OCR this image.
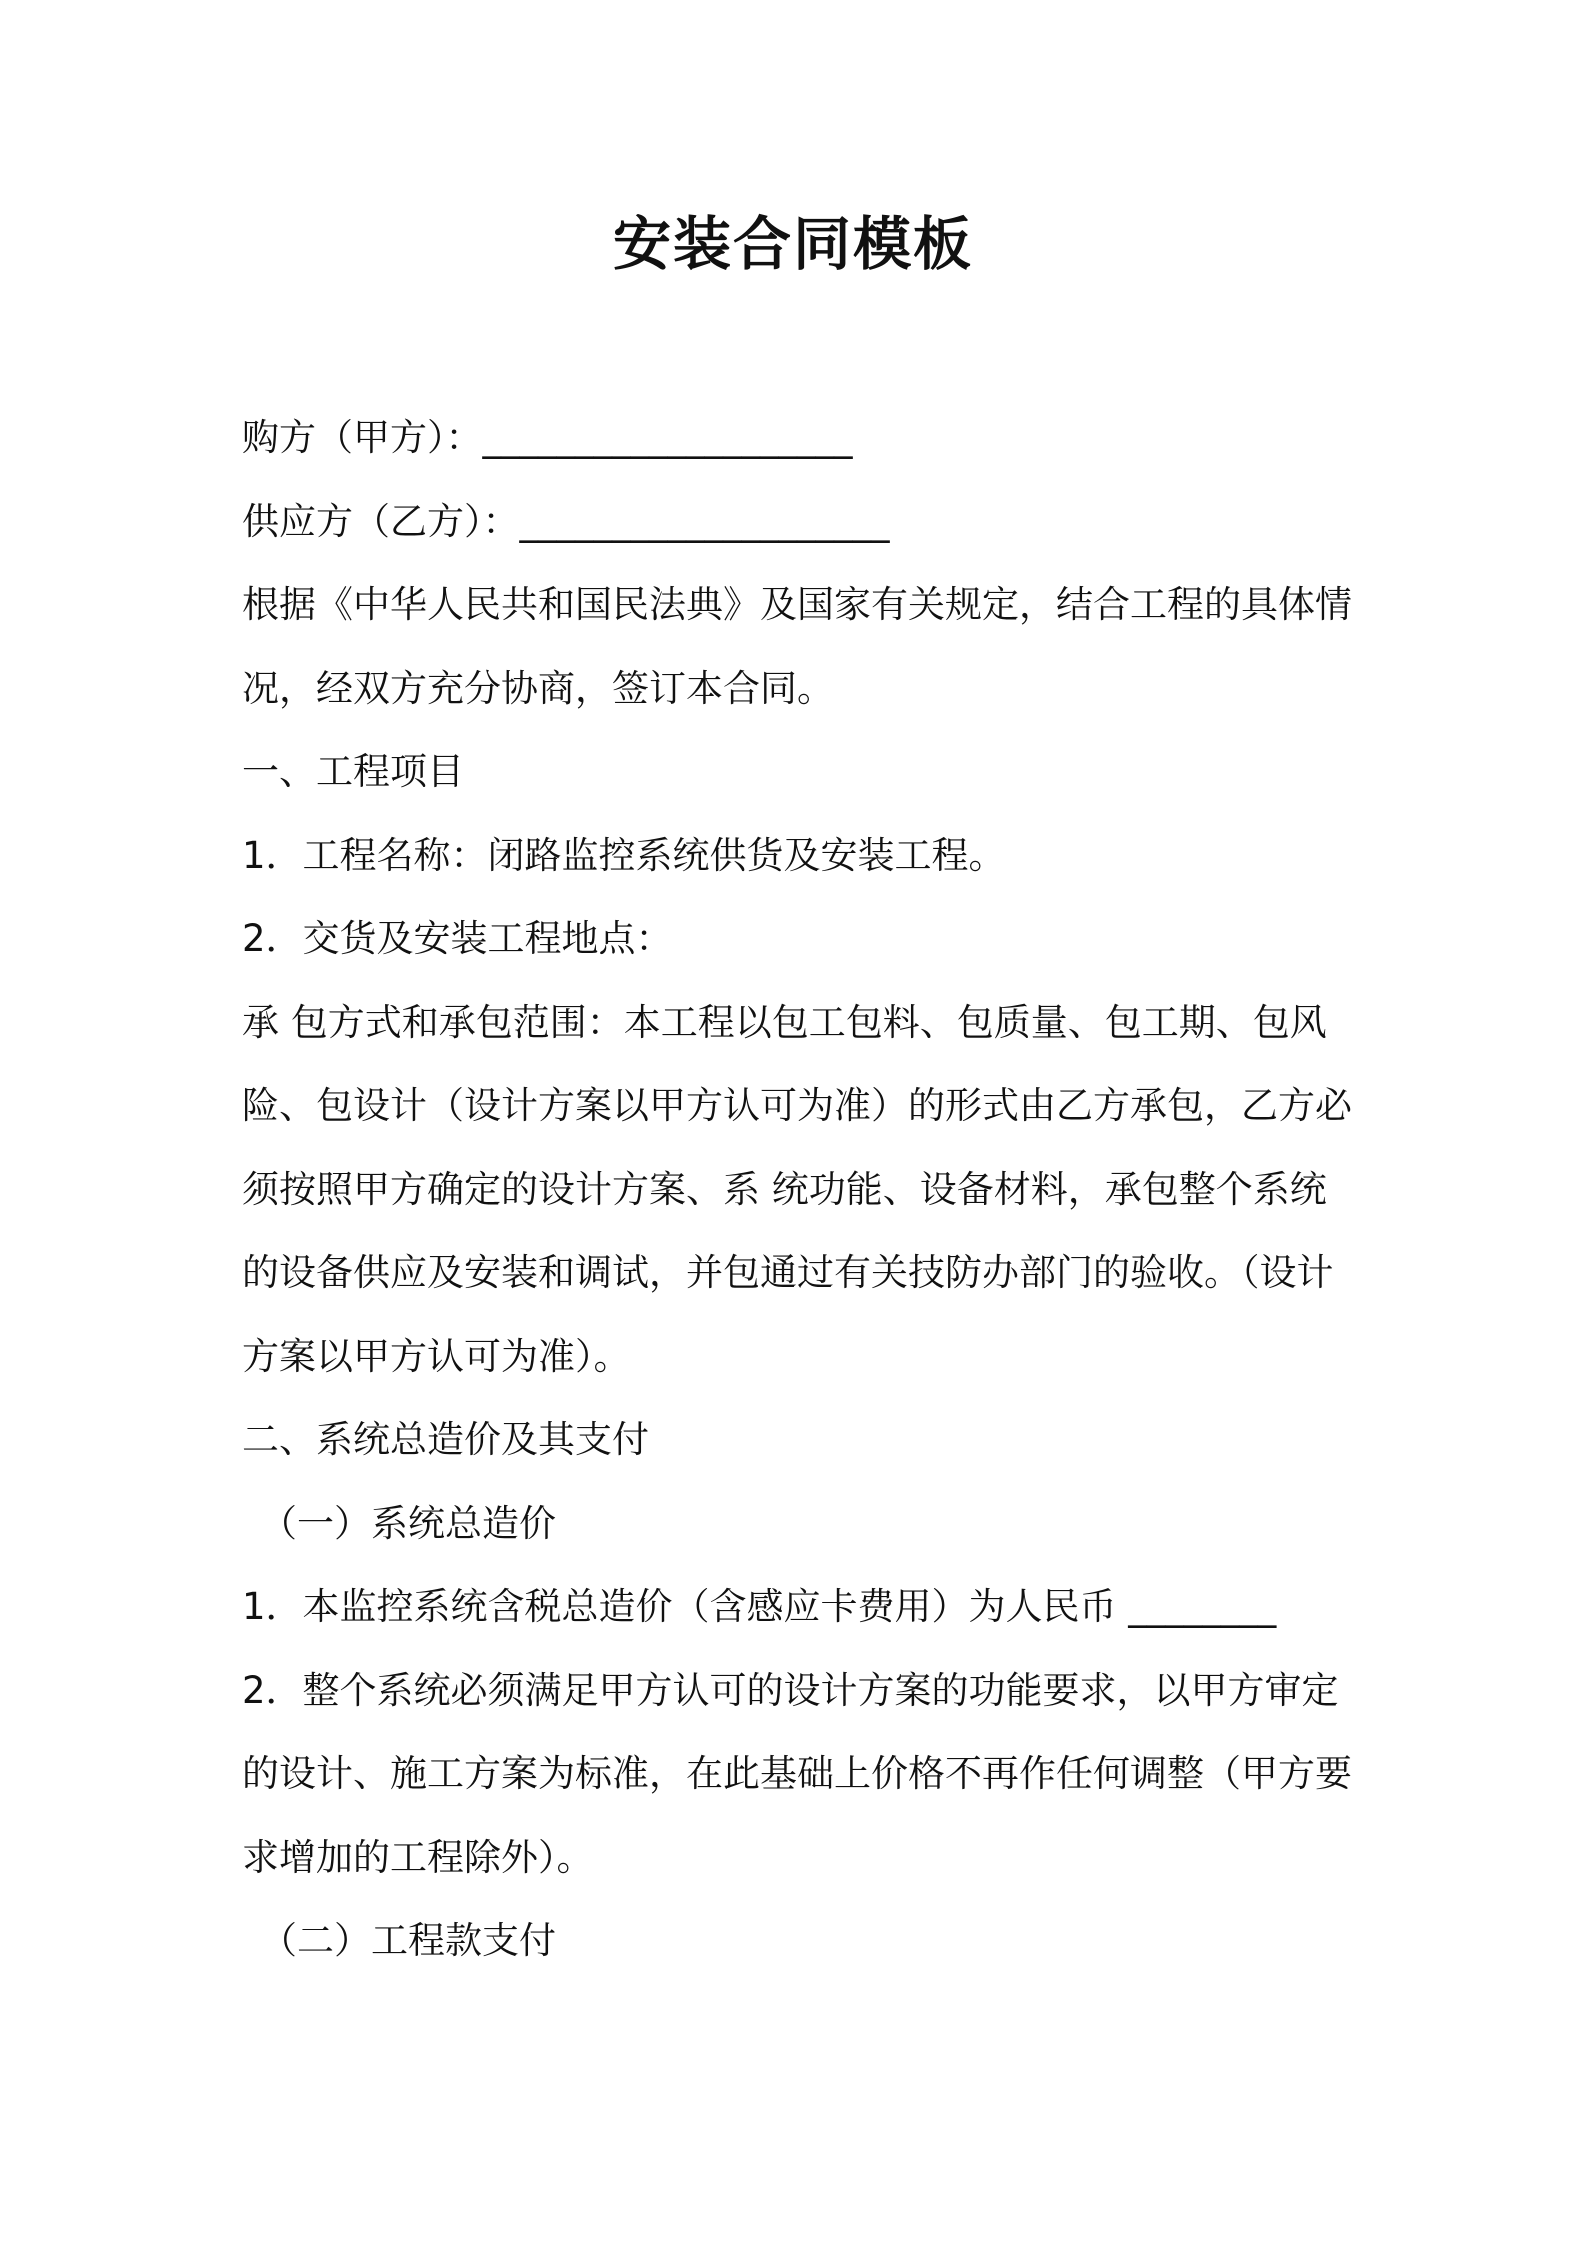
安装合同模板
购方（甲方）：____________________
供应方（乙方）：____________________
根据《中华人民共和国民法典》及国家有关规定，结合工程的具体情
况，经双方充分协商，签订本合同。
一、工程项目
1．工程名称：闭路监控系统供货及安装工程。
2．交货及安装工程地点：
承 包方式和承包范围：本工程以包工包料、包质量、包工期、包风
险、包设计（设计方案以甲方认可为准）的形式由乙方承包，乙方必
须按照甲方确定的设计方案、系 统功能、设备材料，承包整个系统
的设备供应及安装和调试，并包通过有关技防办部门的验收。（设计
方案以甲方认可为准）。
二、系统总造价及其支付
（一）系统总造价
1．本监控系统含税总造价（含感应卡费用）为人民币 ________
2．整个系统必须满足甲方认可的设计方案的功能要求，以甲方审定
的设计、施工方案为标准，在此基础上价格不再作任何调整（甲方要
求增加的工程除外）。
（二）工程款支付
